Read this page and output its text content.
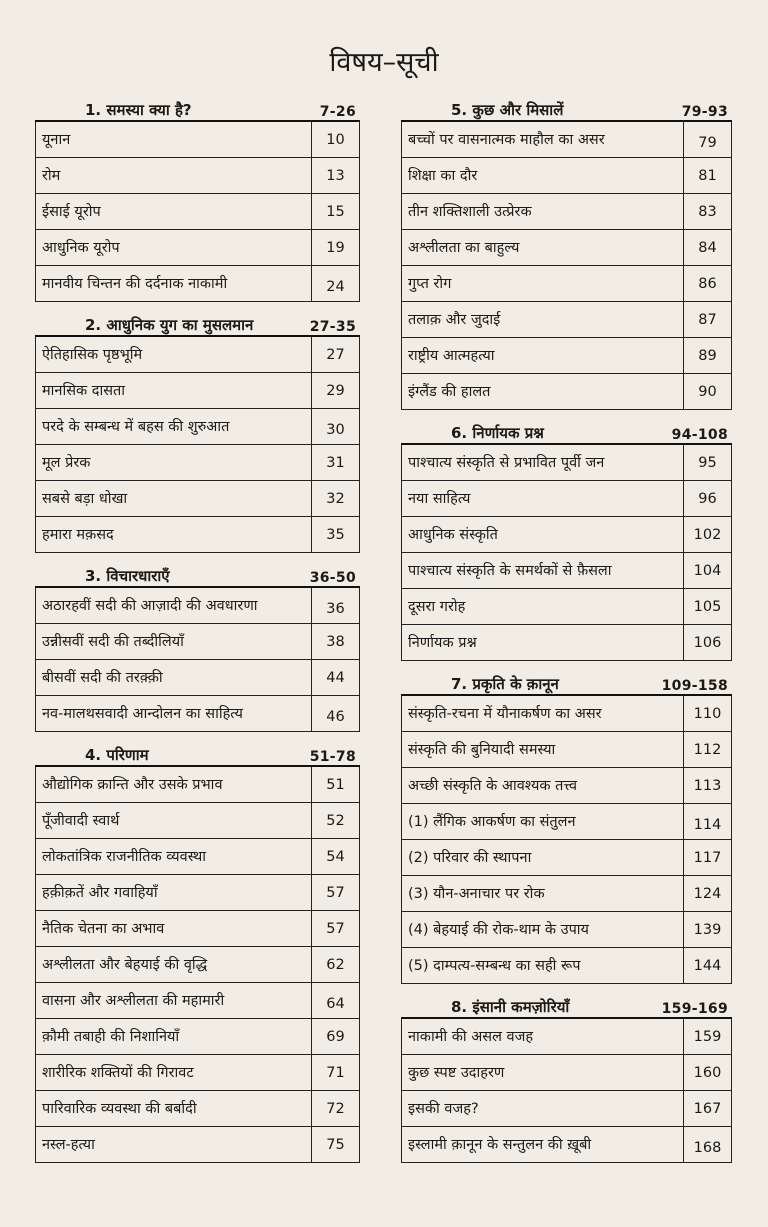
विषय–सूची
1. समस्या क्या है?	7-26
यूनान	10
रोम	13
ईसाई यूरोप	15
आधुनिक यूरोप	19
मानवीय चिन्तन की दर्दनाक नाकामी	24
2. आधुनिक युग का मुसलमान	27-35
ऐतिहासिक पृष्ठभूमि	27
मानसिक दासता	29
परदे के सम्बन्ध में बहस की शुरुआत	30
मूल प्रेरक	31
सबसे बड़ा धोखा	32
हमारा मक़सद	35
3. विचारधाराएँ	36-50
अठारहवीं सदी की आज़ादी की अवधारणा	36
उन्नीसवीं सदी की तब्दीलियाँ	38
बीसवीं सदी की तरक़्क़ी	44
नव-मालथसवादी आन्दोलन का साहित्य	46
4. परिणाम	51-78
औद्योगिक क्रान्ति और उसके प्रभाव	51
पूँजीवादी स्वार्थ	52
लोकतांत्रिक राजनीतिक व्यवस्था	54
हक़ीक़तें और गवाहियाँ	57
नैतिक चेतना का अभाव	57
अश्लीलता और बेहयाई की वृद्धि	62
वासना और अश्लीलता की महामारी	64
क़ौमी तबाही की निशानियाँ	69
शारीरिक शक्तियों की गिरावट	71
पारिवारिक व्यवस्था की बर्बादी	72
नस्ल-हत्या	75
5. कुछ और मिसालें	79-93
बच्चों पर वासनात्मक माहौल का असर	79
शिक्षा का दौर	81
तीन शक्तिशाली उत्प्रेरक	83
अश्लीलता का बाहुल्य	84
गुप्त रोग	86
तलाक़ और जुदाई	87
राष्ट्रीय आत्महत्या	89
इंग्लैंड की हालत	90
6. निर्णायक प्रश्न	94-108
पाश्चात्य संस्कृति से प्रभावित पूर्वी जन	95
नया साहित्य	96
आधुनिक संस्कृति	102
पाश्चात्य संस्कृति के समर्थकों से फ़ैसला	104
दूसरा गरोह	105
निर्णायक प्रश्न	106
7. प्रकृति के क़ानून	109-158
संस्कृति-रचना में यौनाकर्षण का असर	110
संस्कृति की बुनियादी समस्या	112
अच्छी संस्कृति के आवश्यक तत्त्व	113
(1) लैंगिक आकर्षण का संतुलन	114
(2) परिवार की स्थापना	117
(3) यौन-अनाचार पर रोक	124
(4) बेहयाई की रोक-थाम के उपाय	139
(5) दाम्पत्य-सम्बन्ध का सही रूप	144
8. इंसानी कमज़ोरियाँ	159-169
नाकामी की असल वजह	159
कुछ स्पष्ट उदाहरण	160
इसकी वजह?	167
इस्लामी क़ानून के सन्तुलन की ख़ूबी	168
